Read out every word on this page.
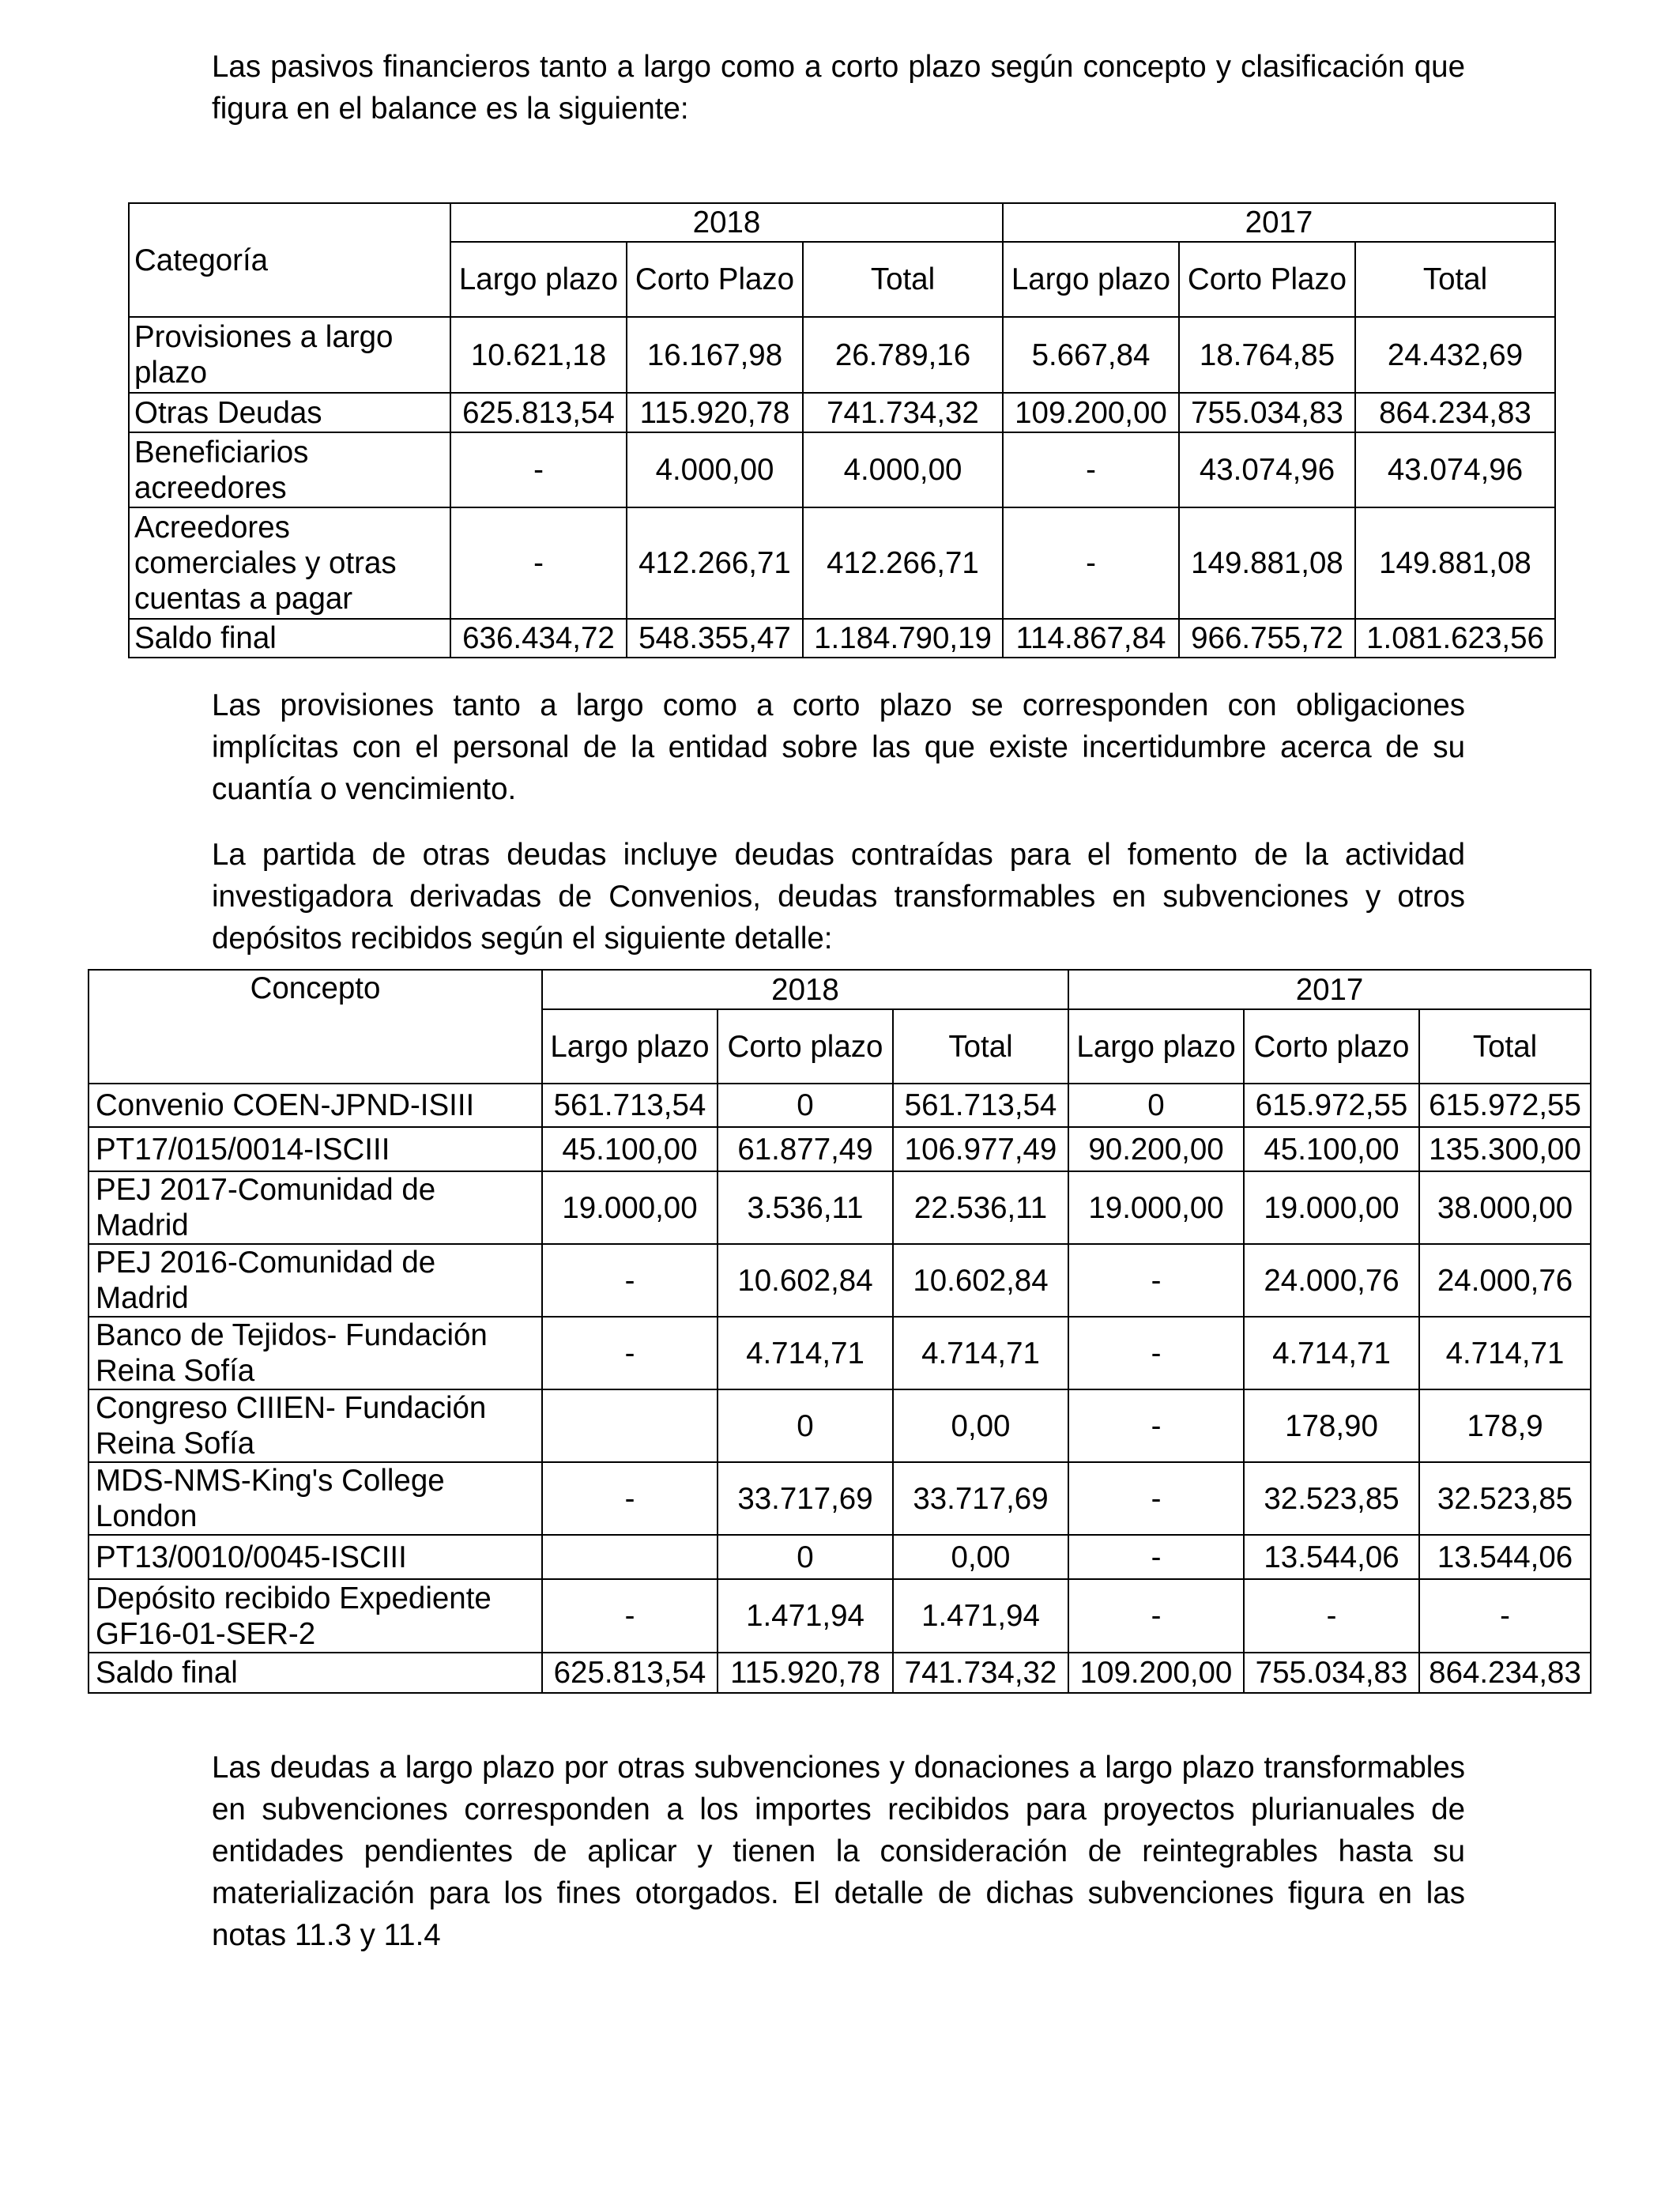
Las pasivos financieros tanto a largo como a corto plazo según concepto y clasificación que figura en el balance es la siguiente:

Categoría	2018			2017		
	Largo plazo	Corto Plazo	Total	Largo plazo	Corto Plazo	Total
Provisiones a largo plazo	10.621,18	16.167,98	26.789,16	5.667,84	18.764,85	24.432,69
Otras Deudas	625.813,54	115.920,78	741.734,32	109.200,00	755.034,83	864.234,83
Beneficiarios acreedores	-	4.000,00	4.000,00	-	43.074,96	43.074,96
Acreedores comerciales y otras cuentas a pagar	-	412.266,71	412.266,71	-	149.881,08	149.881,08
Saldo final	636.434,72	548.355,47	1.184.790,19	114.867,84	966.755,72	1.081.623,56

Las provisiones tanto a largo como a corto plazo se corresponden con obligaciones implícitas con el personal de la entidad sobre las que existe incertidumbre acerca de su cuantía o vencimiento.

La partida de otras deudas incluye deudas contraídas para el fomento de la actividad investigadora derivadas de Convenios, deudas transformables en subvenciones y otros depósitos recibidos según el siguiente detalle:

Concepto	2018			2017		
	Largo plazo	Corto plazo	Total	Largo plazo	Corto plazo	Total
Convenio COEN-JPND-ISIII	561.713,54	0	561.713,54	0	615.972,55	615.972,55
PT17/015/0014-ISCIII	45.100,00	61.877,49	106.977,49	90.200,00	45.100,00	135.300,00
PEJ 2017-Comunidad de Madrid	19.000,00	3.536,11	22.536,11	19.000,00	19.000,00	38.000,00
PEJ 2016-Comunidad de Madrid	-	10.602,84	10.602,84	-	24.000,76	24.000,76
Banco de Tejidos- Fundación Reina Sofía	-	4.714,71	4.714,71	-	4.714,71	4.714,71
Congreso CIIIEN- Fundación Reina Sofía		0	0,00	-	178,90	178,9
MDS-NMS-King's College London	-	33.717,69	33.717,69	-	32.523,85	32.523,85
PT13/0010/0045-ISCIII		0	0,00	-	13.544,06	13.544,06
Depósito recibido Expediente GF16-01-SER-2	-	1.471,94	1.471,94	-	-	-
Saldo final	625.813,54	115.920,78	741.734,32	109.200,00	755.034,83	864.234,83

Las deudas a largo plazo por otras subvenciones y donaciones a largo plazo transformables en subvenciones corresponden a los importes recibidos para proyectos plurianuales de entidades pendientes de aplicar y tienen la consideración de reintegrables hasta su materialización para los fines otorgados. El detalle de dichas subvenciones figura en las notas 11.3 y 11.4
